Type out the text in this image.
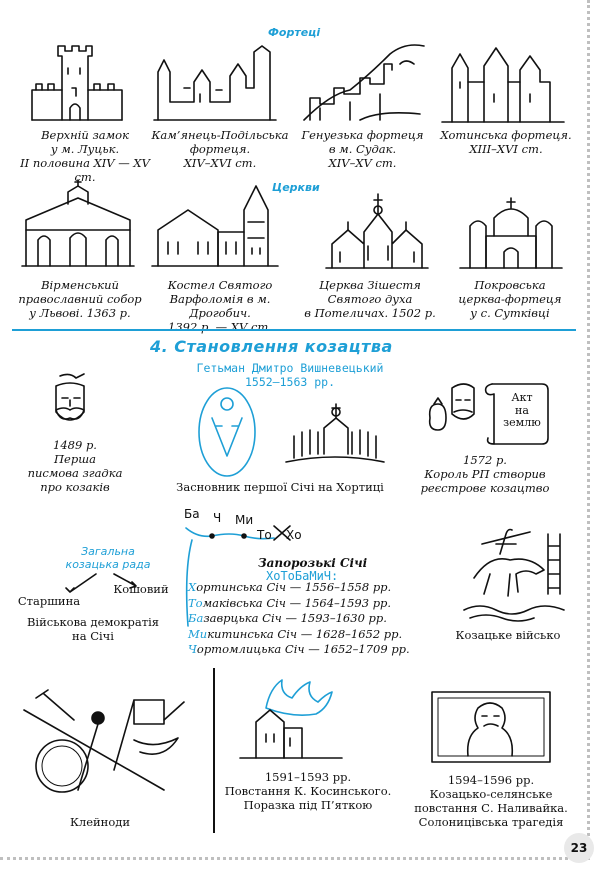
23
Фортеці
Верхній замок
у м. Луцьк.
II половина XIV — XV ст.
Кам’янець-Подільська
фортеця.
XIV–XVI ст.
Генуезька фортеця
в м. Судак.
XIV–XV ст.
Хотинська фортеця.
XIII–XVI ст.
Церкви
Вірменський
православний собор
у Львові. 1363 р.
Костел Святого
Варфоломія в м. Дрогобич.
1392 р. — XV ст.
Церква Зішестя
Святого духа
в Потеличах. 1502 р.
Покровська
церква-фортеця
у с. Сутківці
4. Становлення козацтва
Гетьман Дмитро Вишневецький
1552–1563 рр.
1489 р.
Перша
писмова згадка
про козаків	Засновник першої Січі на Хортиці
Акт
на
землю
1572 р.
Король РП створив
реєстрове козацтво
Загальна
козацька рада
Старшина
Кошовий
Військова демократія
на Січі
Ба Ч Ми
То Хо
Запорозькі Січі
ХоТоБаМиЧ:
Хортинська Січ — 1556–1558 рр.
Томаківська Січ — 1564–1593 рр.
Базаврцька Січ — 1593–1630 рр.
Микитинська Січ — 1628–1652 рр.
Чортомлицька Січ — 1652–1709 рр.
Козацьке військо
Клейноди
1591–1593 рр.
Повстання К. Косинського.
Поразка під П’яткою
1594–1596 рр.
Козацько-селянське
повстання С. Наливайка.
Солоницівська трагедія
